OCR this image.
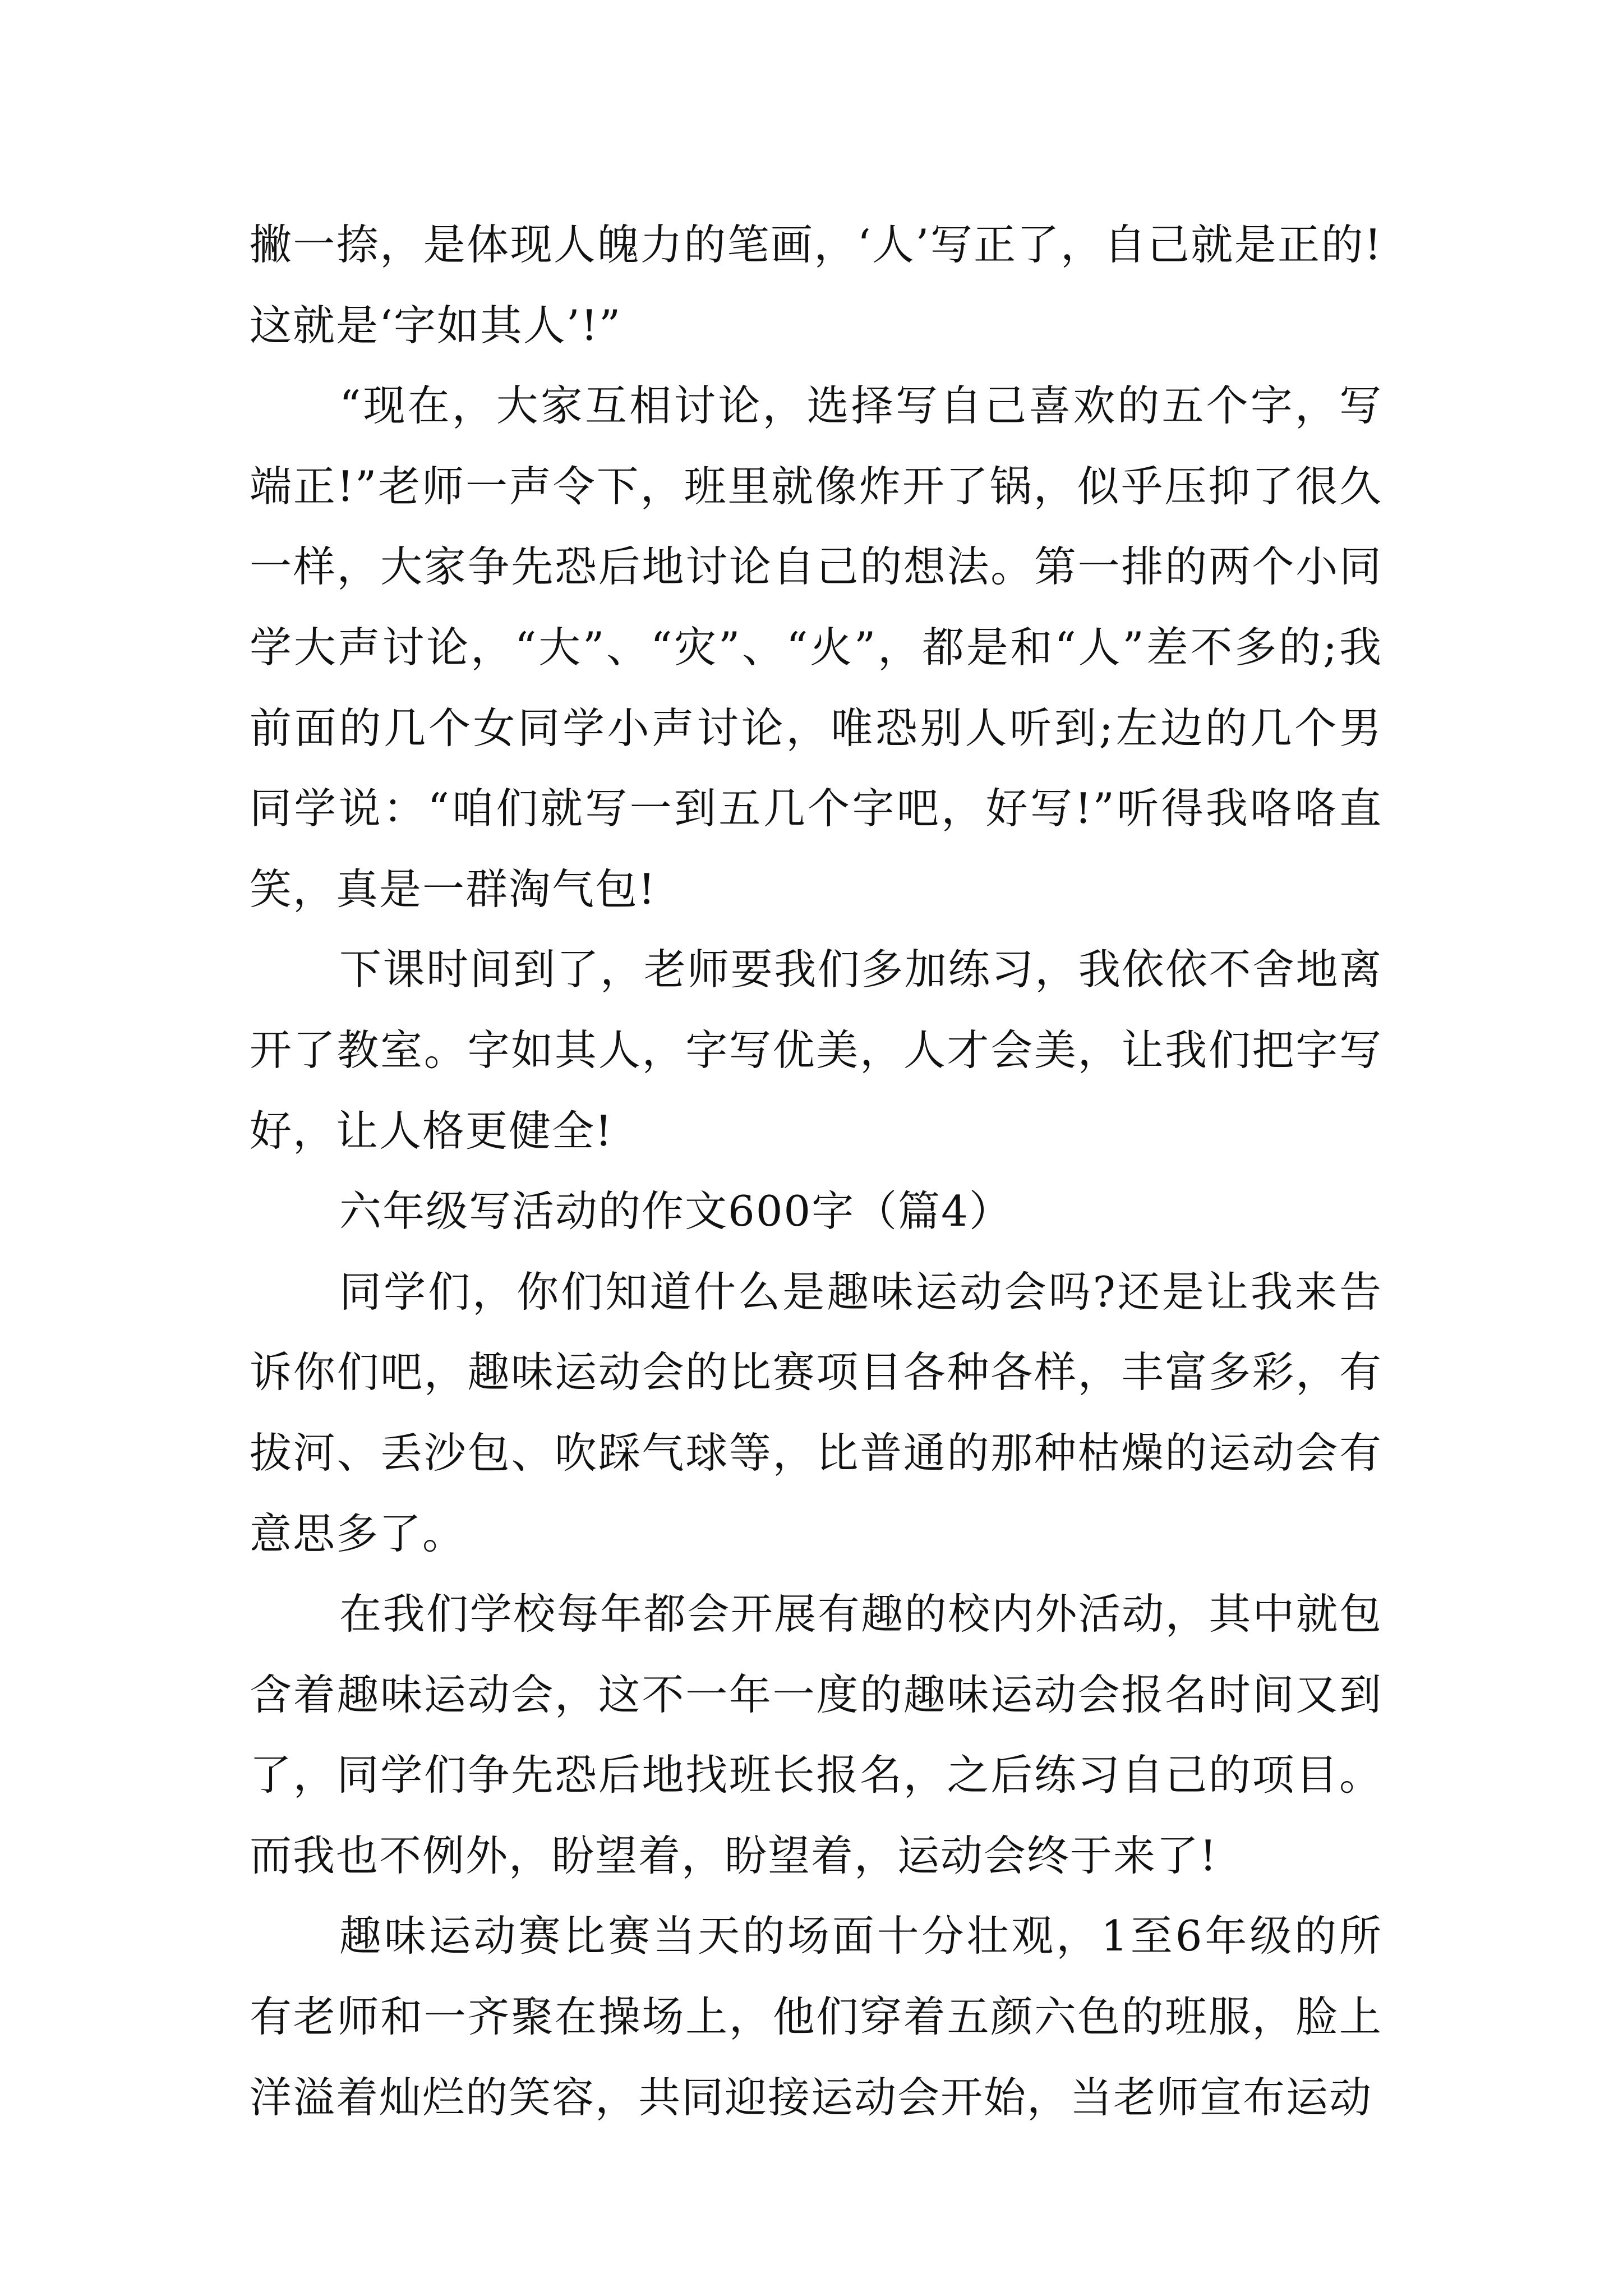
撇一捺，是体现人魄力的笔画，‘人’写正了，自己就是正的!这就是‘字如其人’!”

“现在，大家互相讨论，选择写自己喜欢的五个字，写端正!”老师一声令下，班里就像炸开了锅，似乎压抑了很久一样，大家争先恐后地讨论自己的想法。第一排的两个小同学大声讨论，“大”、“灾”、“火”，都是和“人”差不多的;我前面的几个女同学小声讨论，唯恐别人听到;左边的几个男同学说：“咱们就写一到五几个字吧，好写!”听得我咯咯直笑，真是一群淘气包!

下课时间到了，老师要我们多加练习，我依依不舍地离开了教室。字如其人，字写优美，人才会美，让我们把字写好，让人格更健全!

六年级写活动的作文600字（篇4）

同学们，你们知道什么是趣味运动会吗?还是让我来告诉你们吧，趣味运动会的比赛项目各种各样，丰富多彩，有拔河、丢沙包、吹踩气球等，比普通的那种枯燥的运动会有意思多了。

在我们学校每年都会开展有趣的校内外活动，其中就包含着趣味运动会，这不一年一度的趣味运动会报名时间又到了，同学们争先恐后地找班长报名，之后练习自己的项目。而我也不例外，盼望着，盼望着，运动会终于来了!

趣味运动赛比赛当天的场面十分壮观，1至6年级的所有老师和一齐聚在操场上，他们穿着五颜六色的班服，脸上洋溢着灿烂的笑容，共同迎接运动会开始，当老师宣布运动
